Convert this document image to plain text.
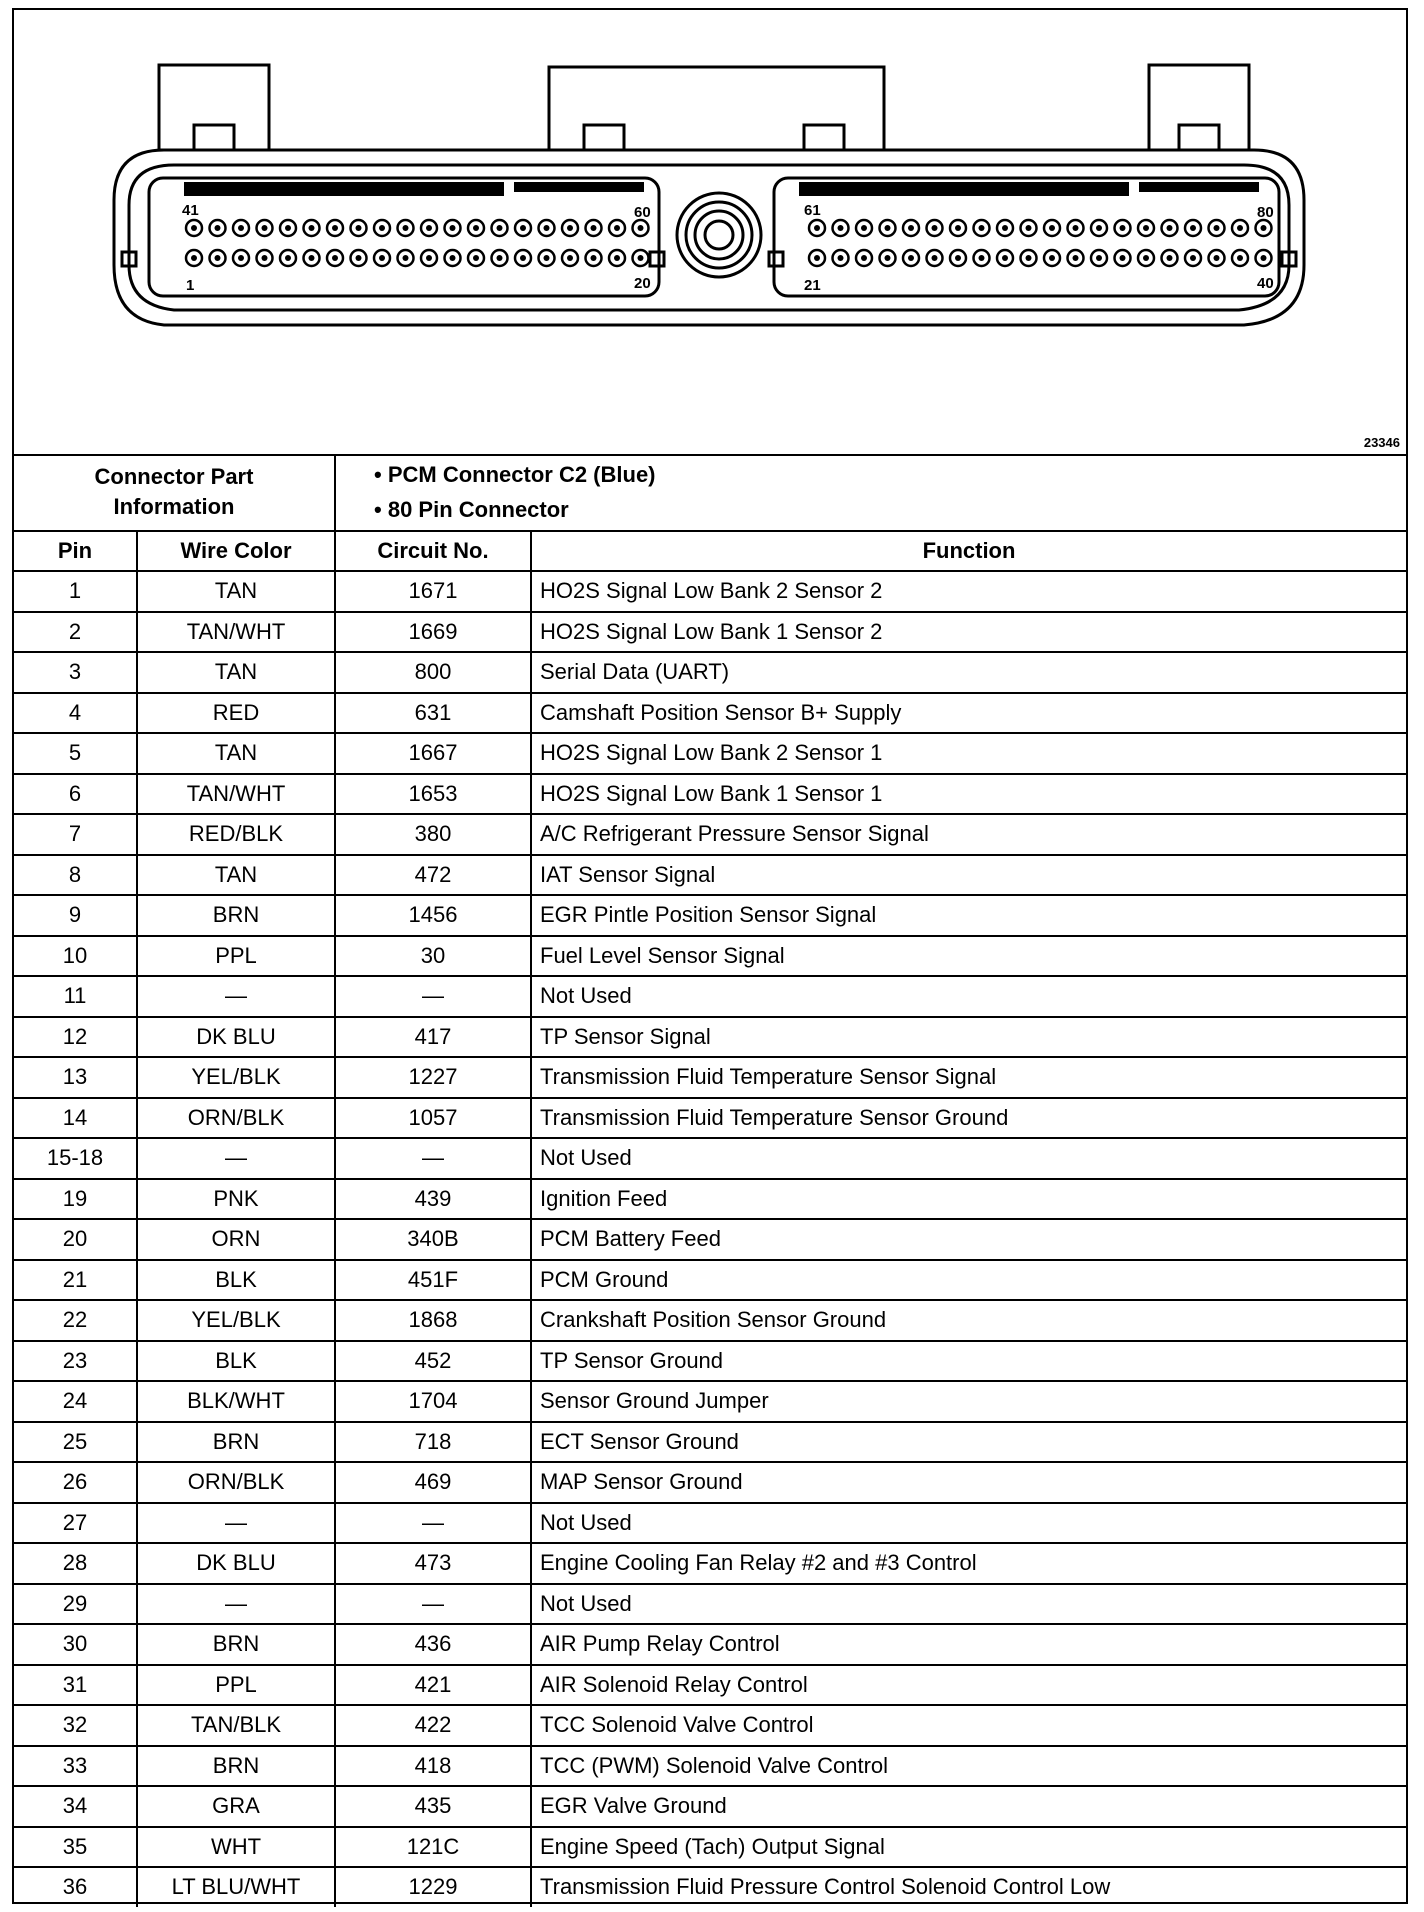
41	60
1	20
61	80
21	40
23346
Connector Part Information		• PCM Connector C2 (Blue)
• 80 Pin Connector

Pin	Wire Color	Circuit No.	Function
1	TAN	1671	HO2S Signal Low Bank 2 Sensor 2
2	TAN/WHT	1669	HO2S Signal Low Bank 1 Sensor 2
3	TAN	800	Serial Data (UART)
4	RED	631	Camshaft Position Sensor B+ Supply
5	TAN	1667	HO2S Signal Low Bank 2 Sensor 1
6	TAN/WHT	1653	HO2S Signal Low Bank 1 Sensor 1
7	RED/BLK	380	A/C Refrigerant Pressure Sensor Signal
8	TAN	472	IAT Sensor Signal
9	BRN	1456	EGR Pintle Position Sensor Signal
10	PPL	30	Fuel Level Sensor Signal
11	—	—	Not Used
12	DK BLU	417	TP Sensor Signal
13	YEL/BLK	1227	Transmission Fluid Temperature Sensor Signal
14	ORN/BLK	1057	Transmission Fluid Temperature Sensor Ground
15-18	—	—	Not Used
19	PNK	439	Ignition Feed
20	ORN	340B	PCM Battery Feed
21	BLK	451F	PCM Ground
22	YEL/BLK	1868	Crankshaft Position Sensor Ground
23	BLK	452	TP Sensor Ground
24	BLK/WHT	1704	Sensor Ground Jumper
25	BRN	718	ECT Sensor Ground
26	ORN/BLK	469	MAP Sensor Ground
27	—	—	Not Used
28	DK BLU	473	Engine Cooling Fan Relay #2 and #3 Control
29	—	—	Not Used
30	BRN	436	AIR Pump Relay Control
31	PPL	421	AIR Solenoid Relay Control
32	TAN/BLK	422	TCC Solenoid Valve Control
33	BRN	418	TCC (PWM) Solenoid Valve Control
34	GRA	435	EGR Valve Ground
35	WHT	121C	Engine Speed (Tach) Output Signal
36	LT BLU/WHT	1229	Transmission Fluid Pressure Control Solenoid Control Low
